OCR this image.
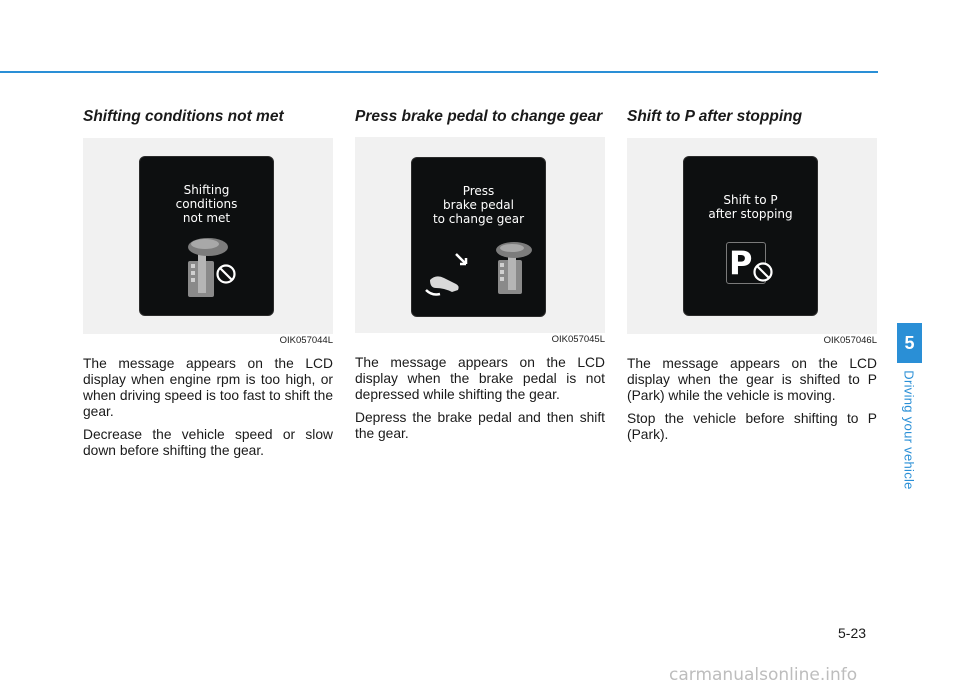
Shifting conditions not met
Shifting
conditions
not met
OIK057044L

The message appears on the LCD display when engine rpm is too high, or when driving speed is too fast to shift the gear.

Decrease the vehicle speed or slow down before shifting the gear.

Press brake pedal to change gear
Press
brake pedal
to change gear
OIK057045L

The message appears on the LCD display when the brake pedal is not depressed while shifting the gear.

Depress the brake pedal and then shift the gear.

Shift to P after stopping
Shift to P
after stopping
P
OIK057046L

The message appears on the LCD display when the gear is shifted to P (Park) while the vehicle is moving.

Stop the vehicle before shifting to P (Park).

5
Driving your vehicle
5-23
carmanualsonline.info
